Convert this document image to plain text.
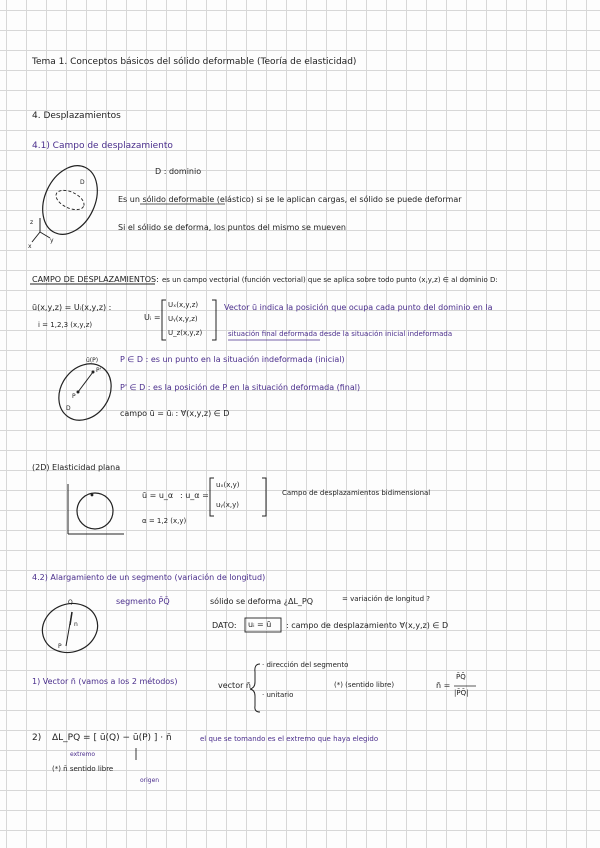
Tema 1. Conceptos básicos del sólido deformable (Teoría de elasticidad)
4. Desplazamientos
4.1) Campo de desplazamiento
D : dominio
D
z
y
x
Es un sólido deformable (elástico) si se le aplican cargas, el sólido se puede deformar
Si el sólido se deforma, los puntos del mismo se mueven
CAMPO DE DESPLAZAMIENTOS: es un campo vectorial (función vectorial) que se aplica sobre todo punto (x,y,z) ∈ al dominio D:
ū(x,y,z) = Uᵢ(x,y,z) :
i = 1,2,3 (x,y,z)
Uᵢ =
Uₓ(x,y,z)
Uᵧ(x,y,z)
U_z(x,y,z)
Vector ū indica la posición que ocupa cada punto del dominio en la
situación final deformada desde la situación inicial indeformada
ū(P)
P'
P
D
P ∈ D : es un punto en la situación indeformada (inicial)
P' ∈ D : es la posición de P en la situación deformada (final)
campo ū = ūᵢ : ∀(x,y,z) ∈ D
(2D) Elasticidad plana
ū = u_α : u_α =
uₓ(x,y)
uᵧ(x,y)
Campo de desplazamientos bidimensional
α = 1,2 (x,y)
4.2) Alargamiento de un segmento (variación de longitud)
segmento P̄Q̄	sólido se deforma ¿ΔL_PQ	= variación de longitud ?
DATO: uᵢ = ū : campo de desplazamiento ∀(x,y,z) ∈ D
Q
n
P
1) Vector n̄ (vamos a los 2 métodos)	vector n̄
· dirección del segmento
· unitario
(*) (sentido libre)	n̄ =
P̄Q̄
|P̄Q̄|
2) ΔL_PQ = [ ū(Q) − ū(P) ] · n̄	el que se tomando es el extremo que haya elegido
extremo
(*) n̄ sentido libre
origen
